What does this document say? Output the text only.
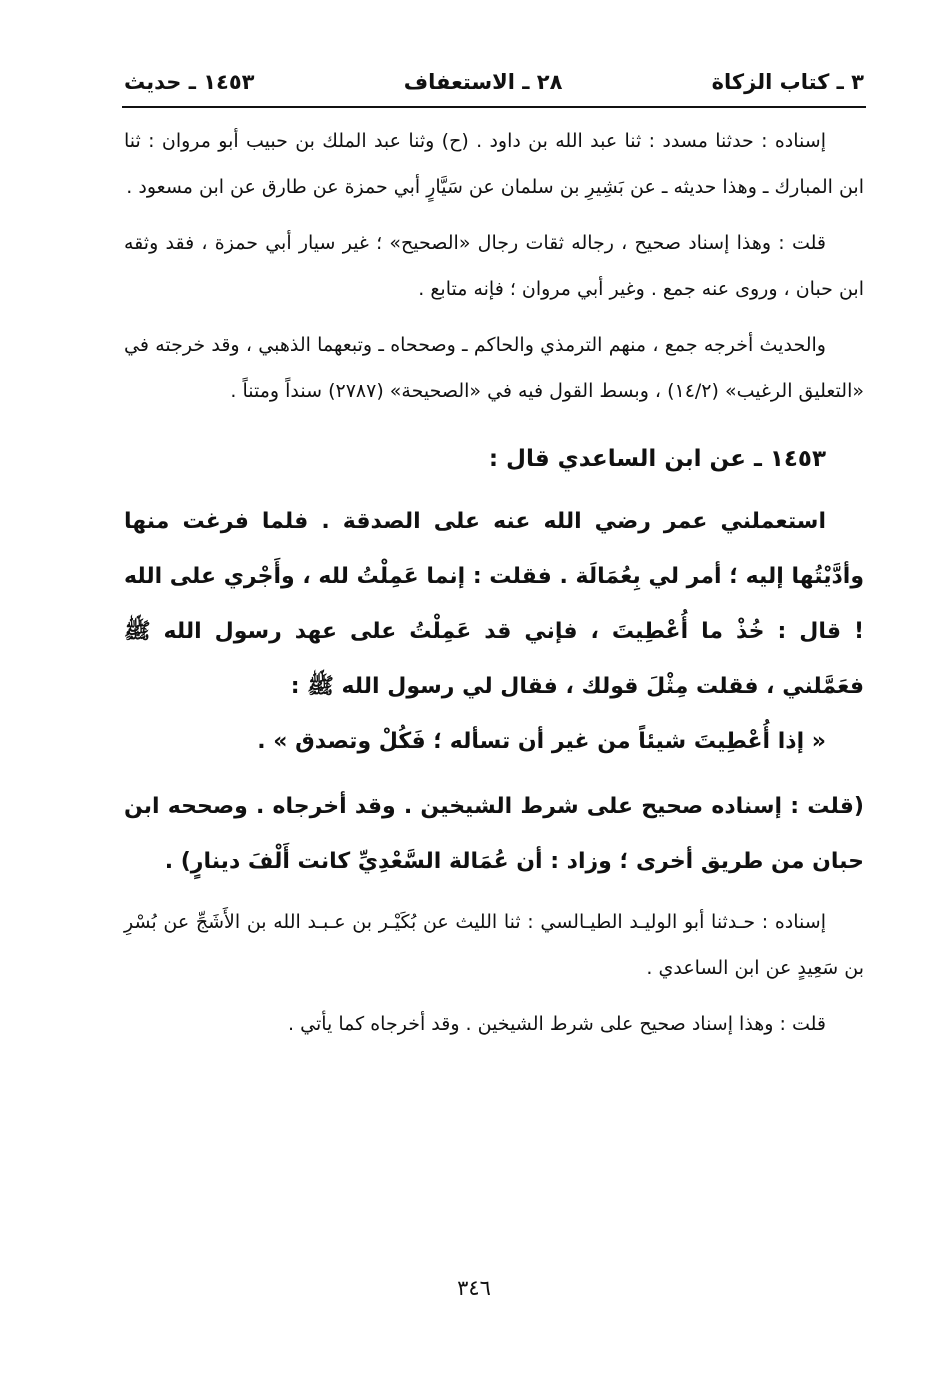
٣ ـ كتاب الزكاة
٢٨ ـ الاستعفاف
١٤٥٣ ـ حديث

إسناده : حدثنا مسدد : ثنا عبد الله بن داود . (ح) وثنا عبد الملك بن حبيب أبو مروان : ثنا ابن المبارك ـ وهذا حديثه ـ عن بَشِيرِ بن سلمان عن سَيَّارٍ أبي حمزة عن طارق عن ابن مسعود .

قلت : وهذا إسناد صحيح ، رجاله ثقات رجال «الصحيح» ؛ غير سيار أبي حمزة ، فقد وثقه ابن حبان ، وروى عنه جمع . وغير أبي مروان ؛ فإنه متابع .

والحديث أخرجه جمع ، منهم الترمذي والحاكم ـ وصححاه ـ وتبعهما الذهبي ، وقد خرجته في «التعليق الرغيب» (١٤/٢) ، وبسط القول فيه في «الصحيحة» (٢٧٨٧) سنداً ومتناً .

١٤٥٣ ـ عن ابن الساعدي قال :

استعملني عمر رضي الله عنه على الصدقة . فلما فرغت منها وأدَّيْتُها إليه ؛ أمر لي بِعُمَالَة . فقلت : إنما عَمِلْتُ لله ، وأَجْري على الله ! قال : خُذْ ما أُعْطِيتَ ، فإني قد عَمِلْتُ على عهد رسول الله ﷺ فعَمَّلني ، فقلت مِثْلَ قولك ، فقال لي رسول الله ﷺ :

« إذا أُعْطِيتَ شيئاً من غير أن تسأله ؛ فَكُلْ وتصدق » .

(قلت : إسناده صحيح على شرط الشيخين . وقد أخرجاه . وصححه ابن حبان من طريق أخرى ؛ وزاد : أن عُمَالة السَّعْدِيِّ كانت أَلْفَ دينارٍ) .

إسناده : حـدثنا أبو الوليـد الطيـالسي : ثنا الليث عن بُكَيْـر بن عـبـد الله بن الأَشَجِّ عن بُسْرِ بن سَعِيدٍ عن ابن الساعدي .

قلت : وهذا إسناد صحيح على شرط الشيخين . وقد أخرجاه كما يأتي .

٣٤٦
